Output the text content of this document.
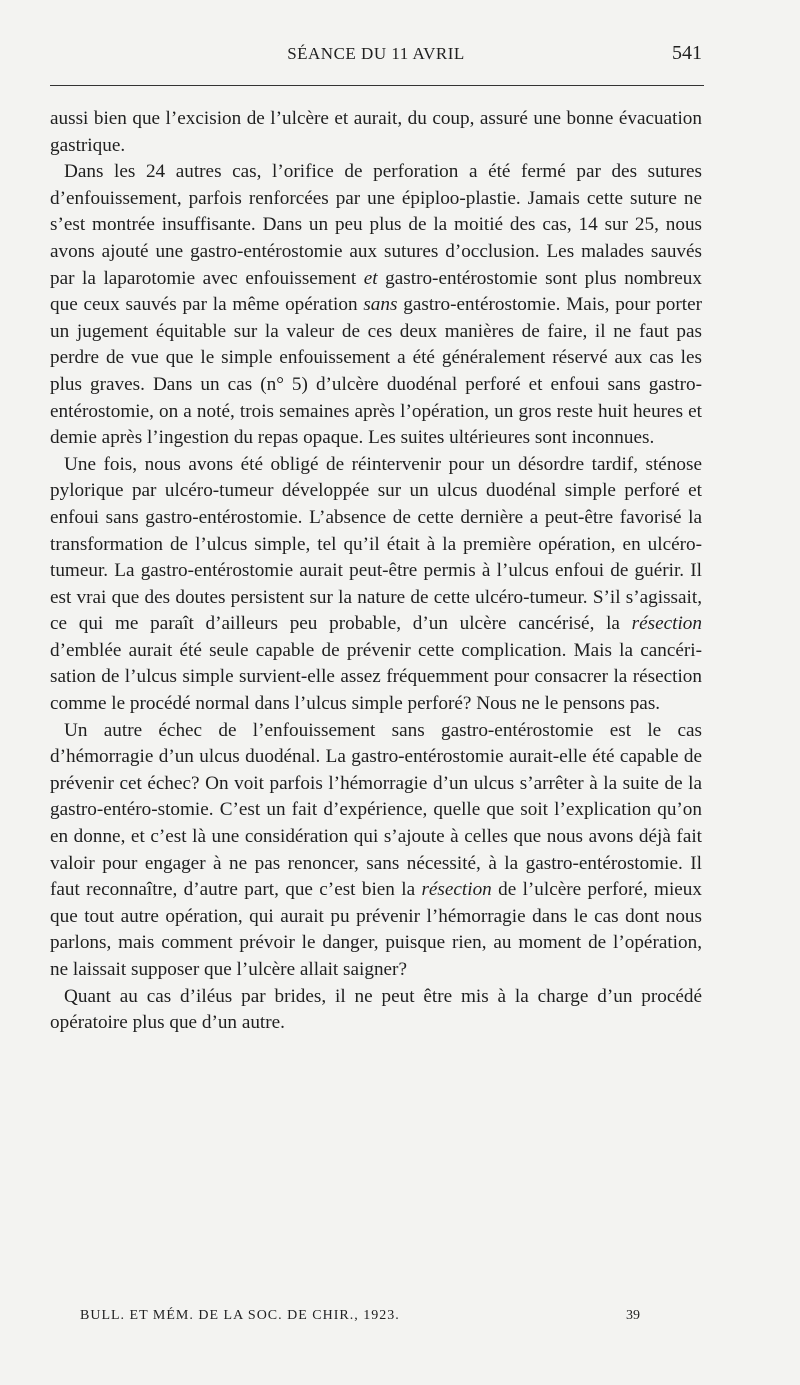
SÉANCE DU 11 AVRIL	541

aussi bien que l’excision de l’ulcère et aurait, du coup, assuré une bonne évacuation gastrique.

Dans les 24 autres cas, l’orifice de perforation a été fermé par des sutures d’enfouissement, parfois renforcées par une épiploo-plastie. Jamais cette suture ne s’est montrée insuffisante. Dans un peu plus de la moitié des cas, 14 sur 25, nous avons ajouté une gastro-entérostomie aux sutures d’occlusion. Les malades sauvés par la laparotomie avec enfouissement et gastro-entérostomie sont plus nombreux que ceux sauvés par la même opération sans gastro-entérostomie. Mais, pour porter un jugement équitable sur la valeur de ces deux manières de faire, il ne faut pas perdre de vue que le simple enfouissement a été généralement réservé aux cas les plus graves. Dans un cas (n° 5) d’ulcère duodénal perforé et enfoui sans gastro-entérostomie, on a noté, trois semaines après l’opération, un gros reste huit heures et demie après l’ingestion du repas opaque. Les suites ultérieures sont inconnues.

Une fois, nous avons été obligé de réintervenir pour un désordre tardif, sténose pylorique par ulcéro-tumeur développée sur un ulcus duodénal simple perforé et enfoui sans gastro-entérostomie. L’absence de cette dernière a peut-être favorisé la transformation de l’ulcus simple, tel qu’il était à la première opération, en ulcéro-tumeur. La gastro-entérostomie aurait peut-être permis à l’ulcus enfoui de guérir. Il est vrai que des doutes persistent sur la nature de cette ulcéro-tumeur. S’il s’agissait, ce qui me paraît d’ailleurs peu probable, d’un ulcère cancérisé, la résection d’emblée aurait été seule capable de prévenir cette complication. Mais la cancéri-sation de l’ulcus simple survient-elle assez fréquemment pour consacrer la résection comme le procédé normal dans l’ulcus simple perforé? Nous ne le pensons pas.

Un autre échec de l’enfouissement sans gastro-entérostomie est le cas d’hémorragie d’un ulcus duodénal. La gastro-entérostomie aurait-elle été capable de prévenir cet échec? On voit parfois l’hémorragie d’un ulcus s’arrêter à la suite de la gastro-entéro-stomie. C’est un fait d’expérience, quelle que soit l’explication qu’on en donne, et c’est là une considération qui s’ajoute à celles que nous avons déjà fait valoir pour engager à ne pas renoncer, sans nécessité, à la gastro-entérostomie. Il faut reconnaître, d’autre part, que c’est bien la résection de l’ulcère perforé, mieux que tout autre opération, qui aurait pu prévenir l’hémorragie dans le cas dont nous parlons, mais comment prévoir le danger, puisque rien, au moment de l’opération, ne laissait supposer que l’ulcère allait saigner?

Quant au cas d’iléus par brides, il ne peut être mis à la charge d’un procédé opératoire plus que d’un autre.

BULL. ET MÉM. DE LA SOC. DE CHIR., 1923.	39
